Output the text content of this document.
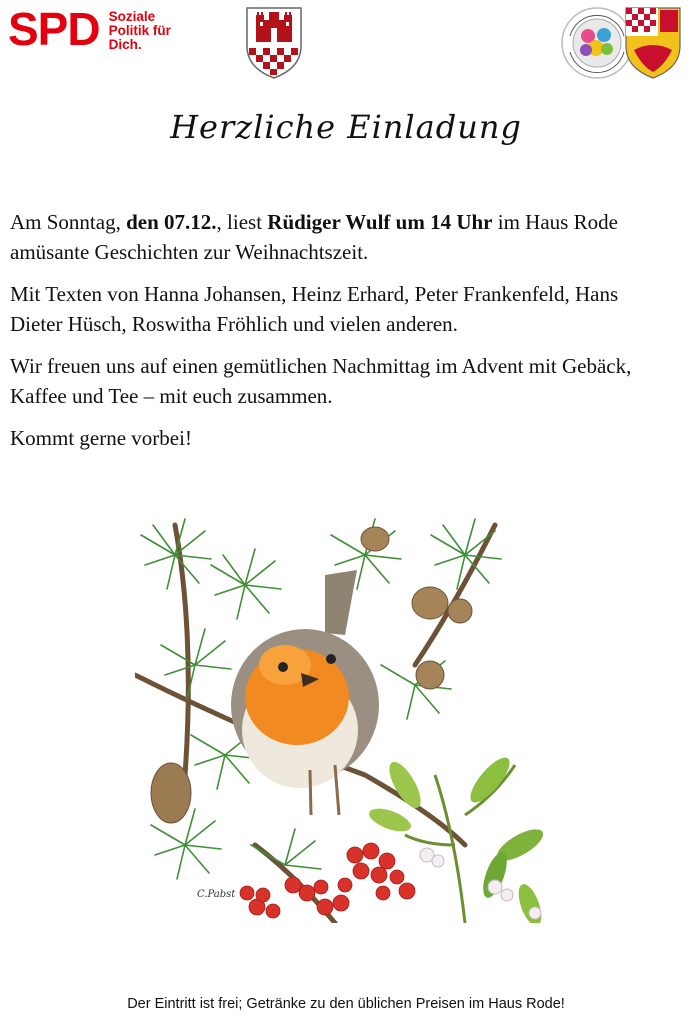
SPD Soziale
Politik für
Dich.
Herzliche Einladung

Am Sonntag, den 07.12., liest Rüdiger Wulf um 14 Uhr im Haus Rode amüsante Geschichten zur Weihnachtszeit.

Mit Texten von Hanna Johansen, Heinz Erhard, Peter Frankenfeld, Hans Dieter Hüsch, Roswitha Fröhlich und vielen anderen.

Wir freuen uns auf einen gemütlichen Nachmittag im Advent mit Gebäck, Kaffee und Tee – mit euch zusammen.

Kommt gerne vorbei!

C.Pabst
Der Eintritt ist frei; Getränke zu den üblichen Preisen im Haus Rode!
